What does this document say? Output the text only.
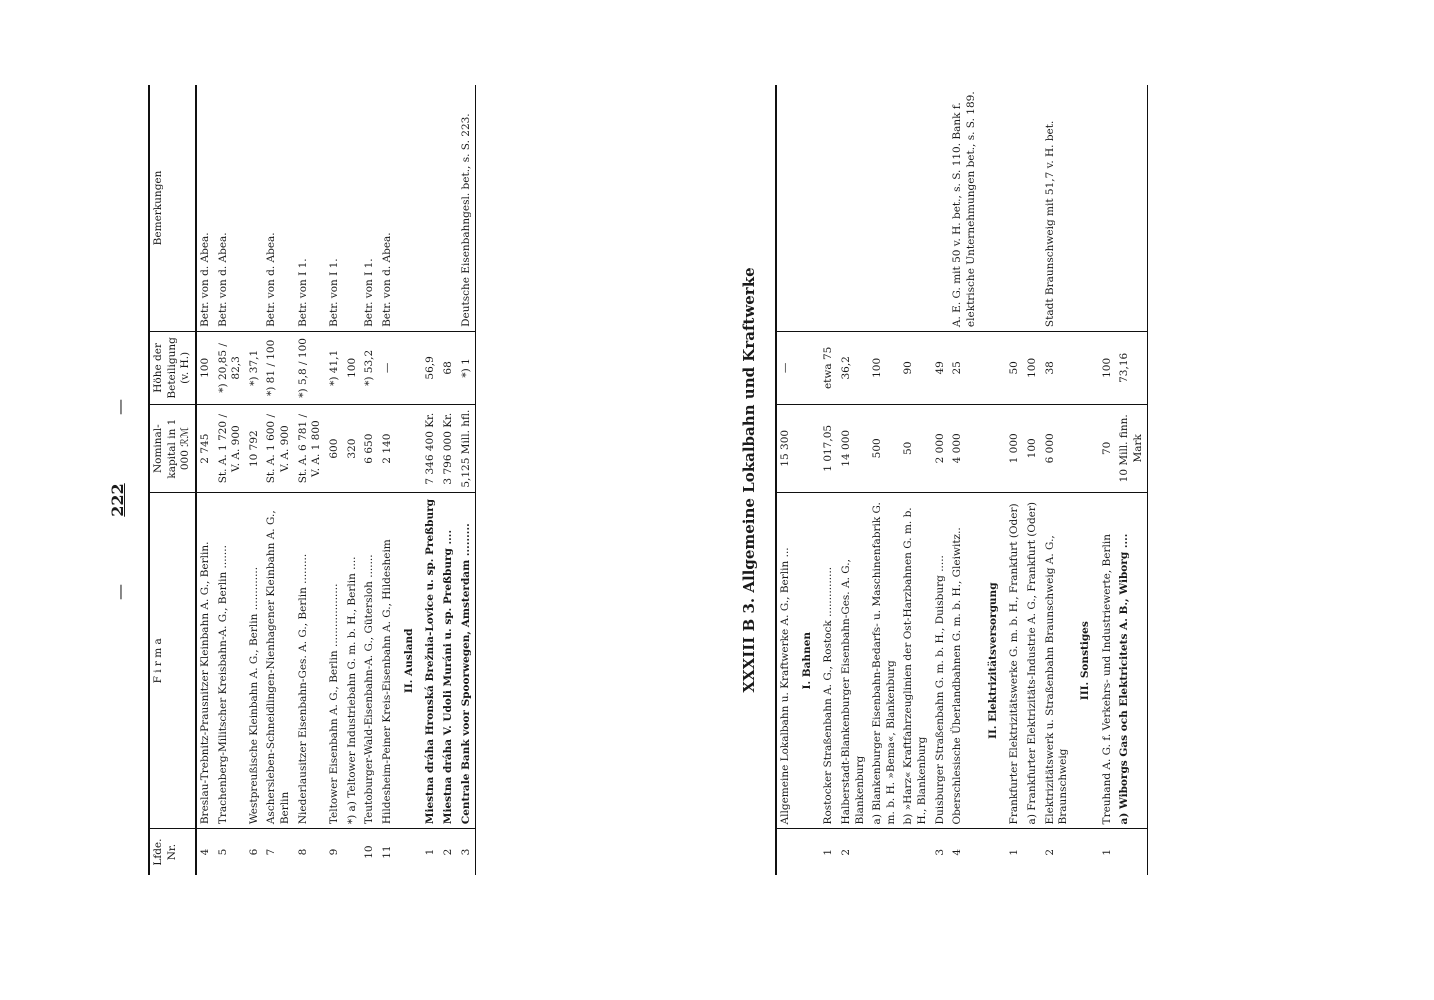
—
222
—
Lfde. Nr.	F i r m a	Nominal- kapital in 1 000 ℛℳ	Höhe der Beteiligung (v. H.)	Bemerkungen
4	Breslau-Trebnitz-Prausnitzer Kleinbahn A. G., Berlin.	2 745	100	Betr. von d. Abea.
5	Trachenberg-Militscher Kreisbahn-A. G., Berlin .......	St. A. 1 720 / V. A. 900	*) 20,85 / 82,3	Betr. von d. Abea.
6	Westpreußische Kleinbahn A. G., Berlin .............	10 792	*) 37,1	
7	Aschersleben-Schneidlingen-Nienhagener Kleinbahn A. G., Berlin	St. A. 1 600 / V. A. 900	*) 81 / 100	Betr. von d. Abea.
8	Niederlausitzer Eisenbahn-Ges. A. G., Berlin .........	St. A. 6 781 / V. A. 1 800	*) 5,8 / 100	Betr. von I 1.
9	Teltower Eisenbahn A. G., Berlin ...................	600	*) 41,1	Betr. von I 1.
	*) a) Teltower Industriebahn G. m. b. H., Berlin ....	320	100	
10	Teutoburger-Wald-Eisenbahn-A. G., Gütersloh .......	6 650	*) 53,2	Betr. von I 1.
11	Hildesheim-Peiner Kreis-Eisenbahn A. G., Hildesheim	2 140	—	Betr. von d. Abea.
	II. Ausland			
1	Miestna dráha Hronská Brežnia-Lovice u. sp. Preßburg	7 346 400 Kr.	56,9	
2	Miestna dráha V. Udoli Muráni u. sp. Preßburg ....	3 796 000 Kr.	68	
3	Centrale Bank voor Spoorwegen, Amsterdam .........	5,125 Mill. hfl.	*) 1	Deutsche Eisenbahngesl. bet., s. S. 223.
XXXIII B 3. Allgemeine Lokalbahn und Kraftwerke
	Allgemeine Lokalbahn u. Kraftwerke A. G., Berlin ...	15 300	—	
	I. Bahnen			
1	Rostocker Straßenbahn A. G., Rostock ...............	1 017,05	etwa 75	
2	Halberstadt-Blankenburger Eisenbahn-Ges. A. G., Blankenburg	14 000	36,2	
	a) Blankenburger Eisenbahn-Bedarfs- u. Maschinenfabrik G. m. b. H. »Bema«, Blankenburg	500	100	
	b) »Harz« Kraftfahrzeuglinien der Ost-Harzbahnen G. m. b. H., Blankenburg	50	90	
3	Duisburger Straßenbahn G. m. b. H., Duisburg .....	2 000	49	
4	Oberschlesische Überlandbahnen G. m. b. H., Gleiwitz..	4 000	25	A. E. G. mit 50 v. H. bet., s. S. 110. Bank f. elektrische Unternehmungen bet., s. S. 189.
	II. Elektrizitätsversorgung			
1	Frankfurter Elektrizitätswerke G. m. b. H., Frankfurt (Oder)	1 000	50	
	a) Frankfurter Elektrizitäts-Industrie A. G., Frankfurt (Oder)	100	100	
2	Elektrizitätswerk u. Straßenbahn Braunschweig A. G., Braunschweig	6 000	38	Stadt Braunschweig mit 51,7 v. H. bet.
	III. Sonstiges			
1	Treuhand A. G. f. Verkehrs- und Industriewerte, Berlin	70	100	
	a) Wiborgs Gas och Elektricitets A. B., Wiborg ....	10 Mill. finn. Mark	73,16	
